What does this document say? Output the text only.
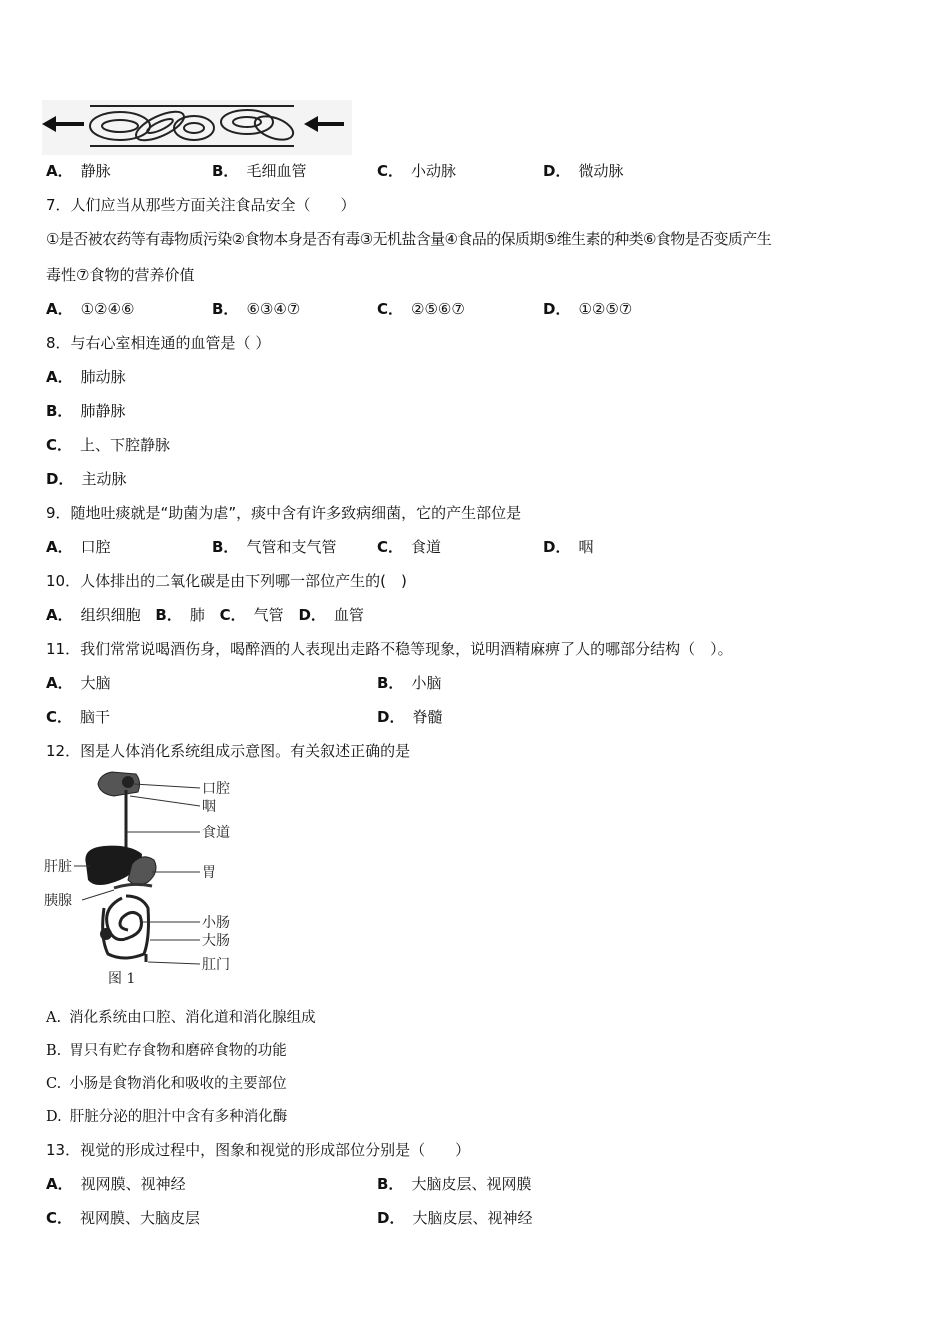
A． 静脉	B． 毛细血管	C． 小动脉	D． 微动脉
7．人们应当从那些方面关注食品安全（　　）
①是否被农药等有毒物质污染②食物本身是否有毒③无机盐含量④食品的保质期⑤维生素的种类⑥食物是否变质产生
毒性⑦食物的营养价值
A． ①②④⑥	B． ⑥③④⑦	C． ②⑤⑥⑦	D． ①②⑤⑦
8．与右心室相连通的血管是（ ）
A． 肺动脉
B． 肺静脉
C． 上、下腔静脉
D． 主动脉
9．随地吐痰就是“助菌为虐”，痰中含有许多致病细菌，它的产生部位是
A． 口腔	B． 气管和支气管	C． 食道	D． 咽
10．人体排出的二氧化碳是由下列哪一部位产生的(　)
A． 组织细胞 B． 肺 C． 气管 D． 血管
11．我们常常说喝酒伤身，喝醉酒的人表现出走路不稳等现象，说明酒精麻痹了人的哪部分结构（　）。
A． 大脑	B． 小脑
C． 脑干	D． 脊髓
12．图是人体消化系统组成示意图。有关叙述正确的是
口腔
咽
食道
肝脏	胃
胰腺
小肠
大肠
肛门
图 1
A. 消化系统由口腔、消化道和消化腺组成
B. 胃只有贮存食物和磨碎食物的功能
C. 小肠是食物消化和吸收的主要部位
D. 肝脏分泌的胆汁中含有多种消化酶
13．视觉的形成过程中，图象和视觉的形成部位分别是（　　）
A． 视网膜、视神经	B． 大脑皮层、视网膜
C． 视网膜、大脑皮层	D． 大脑皮层、视神经
